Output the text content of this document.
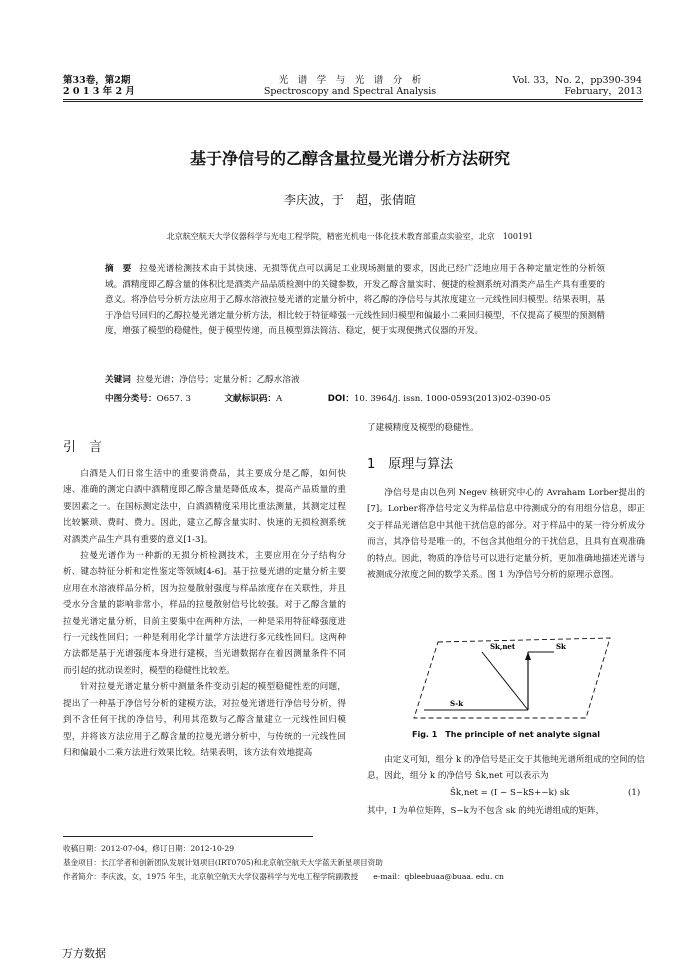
第33卷，第2期
2 0 1 3 年 2 月
光　谱　学　与　光　谱　分　析
Spectroscopy and Spectral Analysis
Vol. 33，No. 2，pp390-394
February，2013
基于净信号的乙醇含量拉曼光谱分析方法研究
李庆波，于　超，张倩暄
北京航空航天大学仪器科学与光电工程学院，精密光机电一体化技术教育部重点实验室，北京　100191
摘　要 拉曼光谱检测技术由于其快速、无损等优点可以满足工业现场测量的要求，因此已经广泛地应用于各种定量定性的分析领域。酒精度即乙醇含量的体积比是酒类产品品质检测中的关键参数，开发乙醇含量实时、便捷的检测系统对酒类产品生产具有重要的意义。将净信号分析方法应用于乙醇水溶液拉曼光谱的定量分析中，将乙醇的净信号与其浓度建立一元线性回归模型。结果表明，基于净信号回归的乙醇拉曼光谱定量分析方法，相比较于特征峰强一元线性回归模型和偏最小二乘回归模型，不仅提高了模型的预测精度，增强了模型的稳健性，便于模型传递，而且模型算法简洁、稳定，便于实现便携式仪器的开发。
关键词 拉曼光谱；净信号；定量分析；乙醇水溶液
中图分类号：O657. 3	文献标识码：A	DOI：10. 3964/j. issn. 1000-0593(2013)02-0390-05
引　言

白酒是人们日常生活中的重要消费品，其主要成分是乙醇，如何快速、准确的测定白酒中酒精度即乙醇含量是降低成本，提高产品质量的重要因素之一。在国标测定法中，白酒酒精度采用比重法测量，其测定过程比较繁琐、费时、费力。因此，建立乙醇含量实时、快速的无损检测系统对酒类产品生产具有重要的意义[1-3]。

拉曼光谱作为一种新的无损分析检测技术，主要应用在分子结构分析、键态特征分析和定性鉴定等领域[4-6]。基于拉曼光谱的定量分析主要应用在水溶液样品分析，因为拉曼散射强度与样品浓度存在关联性，并且受水分含量的影响非常小，样品的拉曼散射信号比较强。对于乙醇含量的拉曼光谱定量分析，目前主要集中在两种方法，一种是采用特征峰强度进行一元线性回归；一种是利用化学计量学方法进行多元线性回归。这两种方法都是基于光谱强度本身进行建模，当光谱数据存在着因测量条件不同而引起的扰动误差时，模型的稳健性比较差。

针对拉曼光谱定量分析中测量条件变动引起的模型稳健性差的问题，提出了一种基于净信号分析的建模方法，对拉曼光谱进行净信号分析，得到不含任何干扰的净信号，利用其范数与乙醇含量建立一元线性回归模型，并将该方法应用于乙醇含量的拉曼光谱分析中，与传统的一元线性回归和偏最小二乘方法进行效果比较。结果表明，该方法有效地提高

了建模精度及模型的稳健性。

1　原理与算法

净信号是由以色列 Negev 核研究中心的 Avraham Lorber提出的[7]。Lorber将净信号定义为样品信息中待测成分的有用组分信息，即正交于样品光谱信息中其他干扰信息的部分。对于样品中的某一待分析成分而言，其净信号是唯一的，不包含其他组分的干扰信息，且具有直观准确的特点。因此，物质的净信号可以进行定量分析，更加准确地描述光谱与被测成分浓度之间的数学关系。图 1 为净信号分析的原理示意图。

Sk,net	Sk
S-k
Fig. 1　The principle of net analyte signal

由定义可知，组分 k 的净信号是正交于其他纯光谱所组成的空间的信息，因此，组分 k 的净信号 Ŝk,net 可以表示为

Ŝk,net = (I − S−kS+−k) sk	(1)

其中，I 为单位矩阵，S−k为不包含 sk 的纯光谱组成的矩阵，

收稿日期：2012-07-04，修订日期：2012-10-29
基金项目：长江学者和创新团队发展计划项目(IRT0705)和北京航空航天大学蓝天新星项目资助
作者简介：李庆波，女，1975 年生，北京航空航天大学仪器科学与光电工程学院副教授　　e-mail：qbleebuaa@buaa. edu. cn
万方数据
